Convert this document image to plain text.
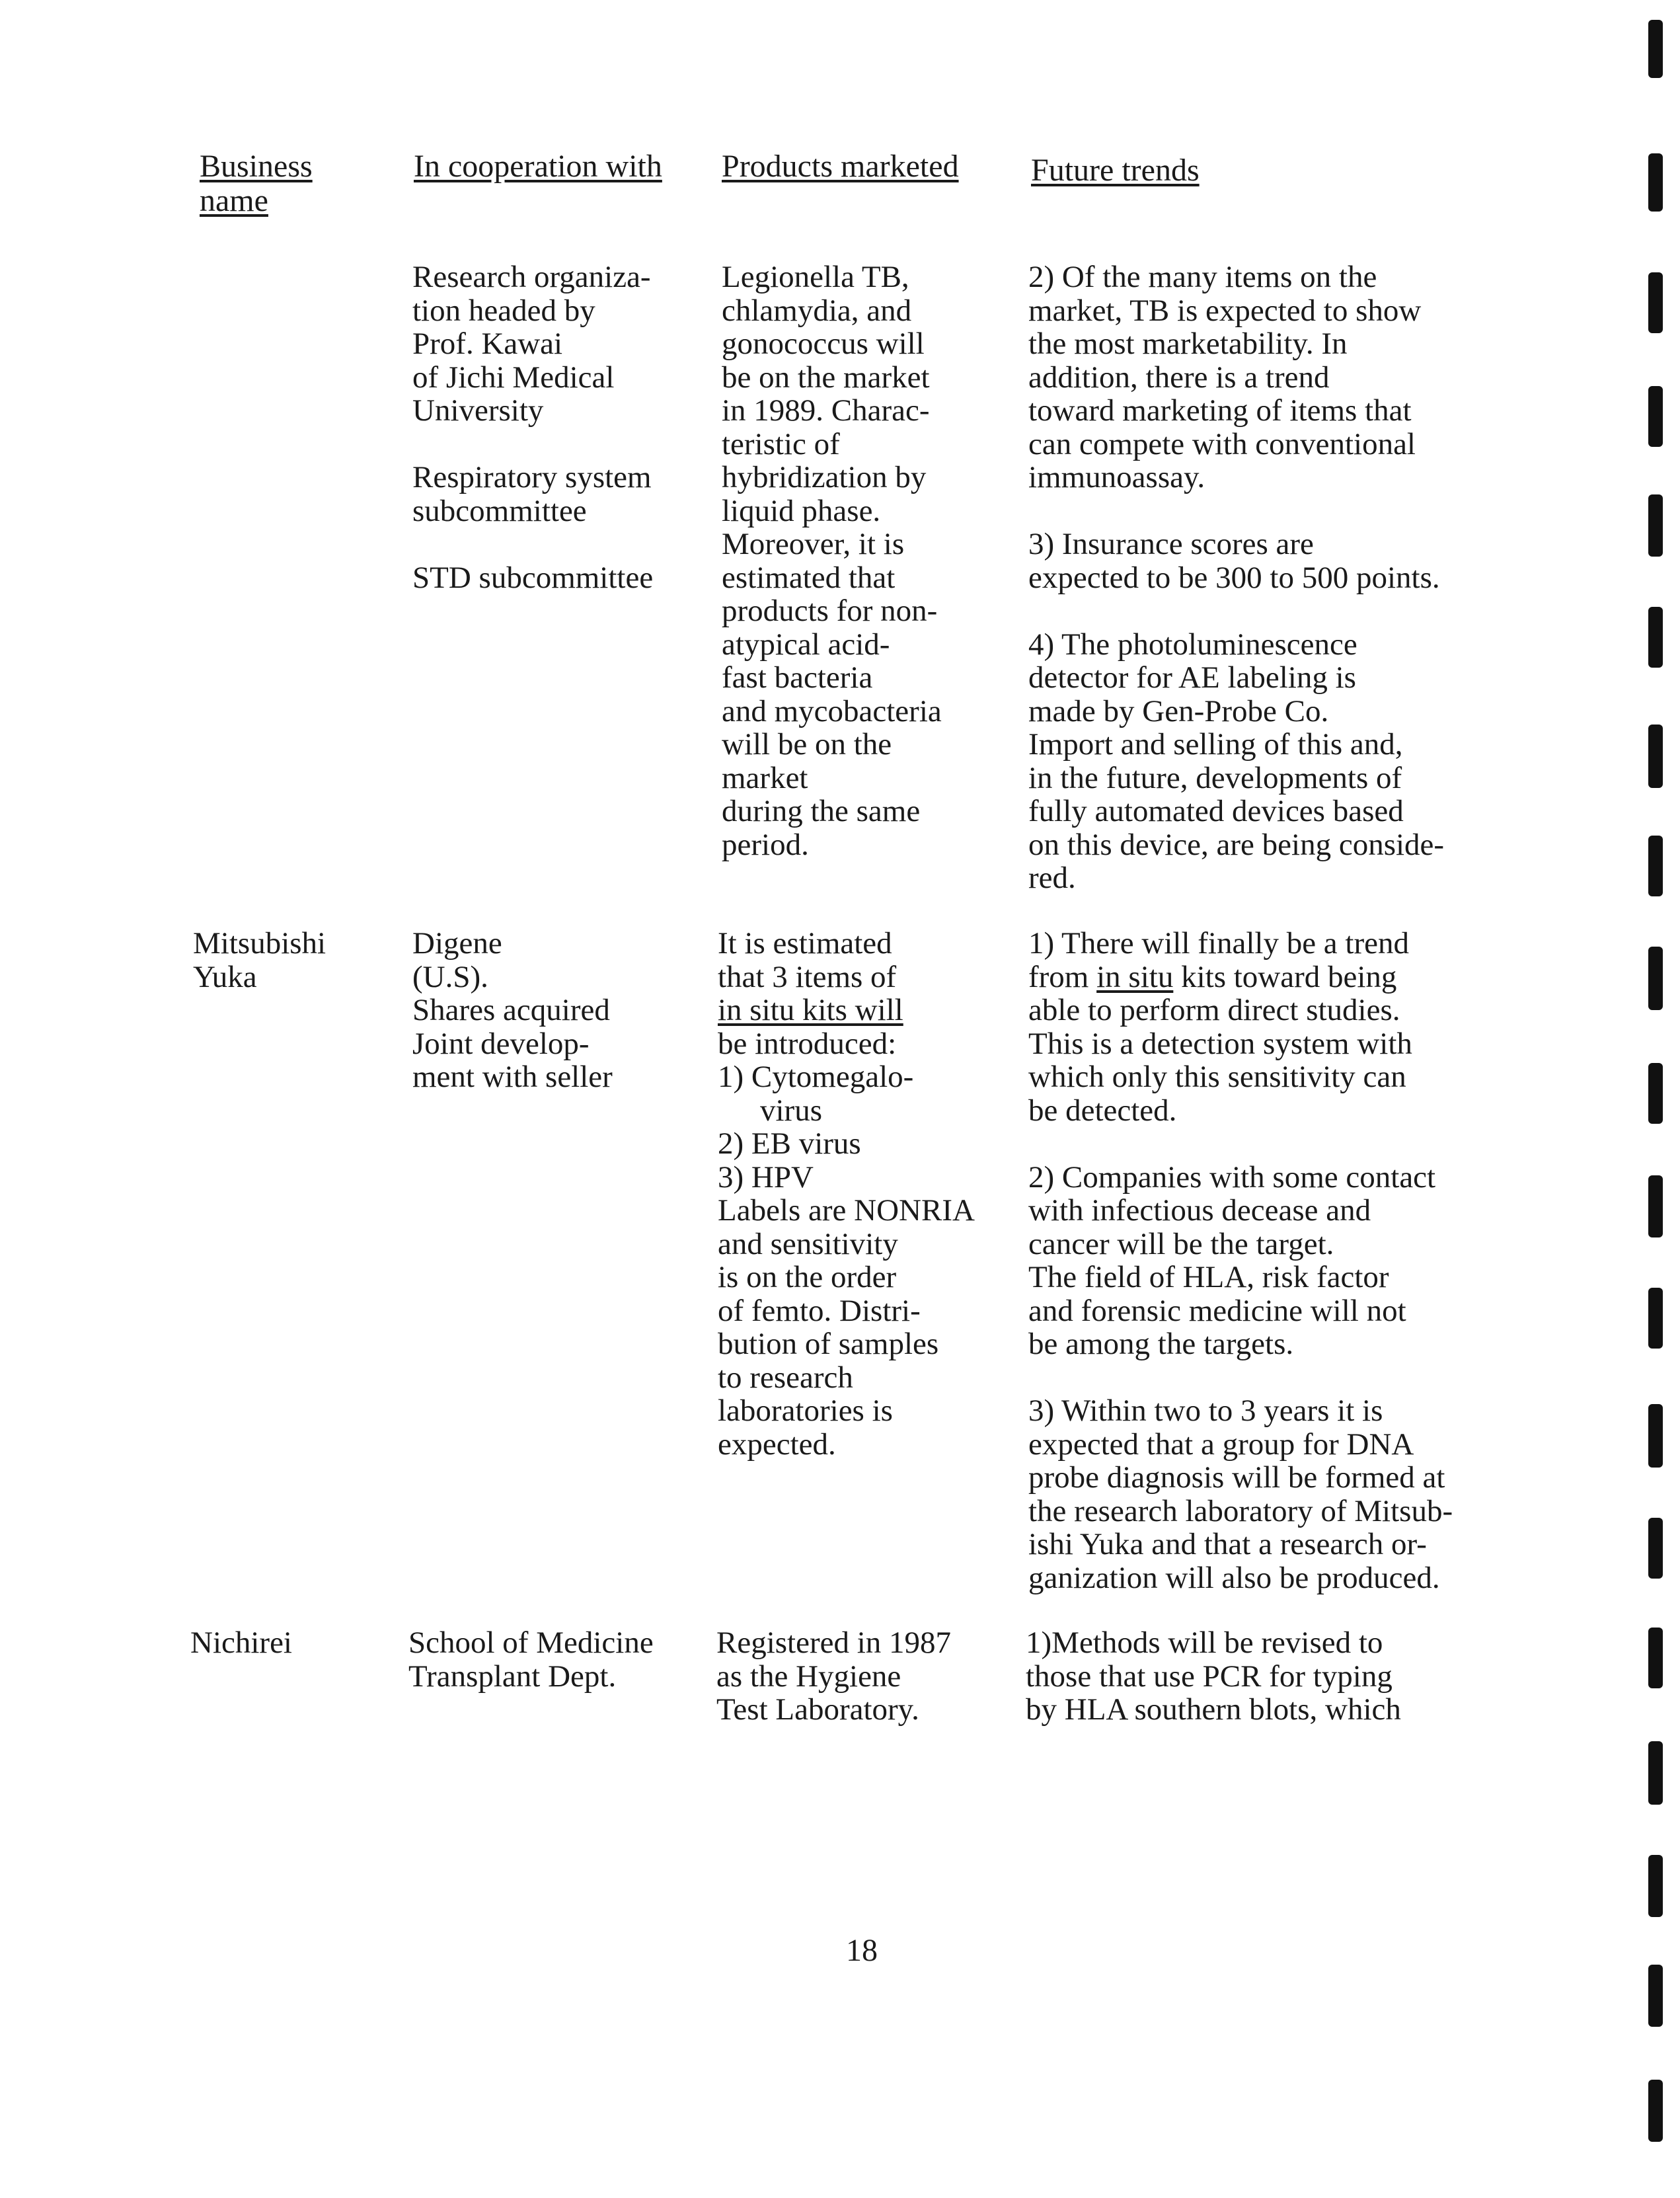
Business
name
In cooperation with Products marketed Future trends
Research organiza-
tion headed by
Prof. Kawai
of Jichi Medical
University
Respiratory system
subcommittee
STD subcommittee
Legionella TB,
chlamydia, and
gonococcus will
be on the market
in 1989. Charac-
teristic of
hybridization by
liquid phase.
Moreover, it is
estimated that
products for non-
atypical acid-
fast bacteria
and mycobacteria
will be on the
market
during the same
period.
2) Of the many items on the
market, TB is expected to show
the most marketability. In
addition, there is a trend
toward marketing of items that
can compete with conventional
immunoassay.
3) Insurance scores are
expected to be 300 to 500 points.
4) The photoluminescence
detector for AE labeling is
made by Gen-Probe Co.
Import and selling of this and,
in the future, developments of
fully automated devices based
on this device, are being conside-
red.
Mitsubishi
Yuka
Digene
(U.S).
Shares acquired
Joint develop-
ment with seller
It is estimated
that 3 items of
in situ kits will
be introduced:
1) Cytomegalo-
virus
2) EB virus
3) HPV
Labels are NONRIA
and sensitivity
is on the order
of femto. Distri-
bution of samples
to research
laboratories is
expected.
1) There will finally be a trend
from in situ kits toward being
able to perform direct studies.
This is a detection system with
which only this sensitivity can
be detected.
2) Companies with some contact
with infectious decease and
cancer will be the target.
The field of HLA, risk factor
and forensic medicine will not
be among the targets.
3) Within two to 3 years it is
expected that a group for DNA
probe diagnosis will be formed at
the research laboratory of Mitsub-
ishi Yuka and that a research or-
ganization will also be produced.
Nichirei	School of Medicine
Transplant Dept.
Registered in 1987
as the Hygiene
Test Laboratory.
1)Methods will be revised to
those that use PCR for typing
by HLA southern blots, which
18
